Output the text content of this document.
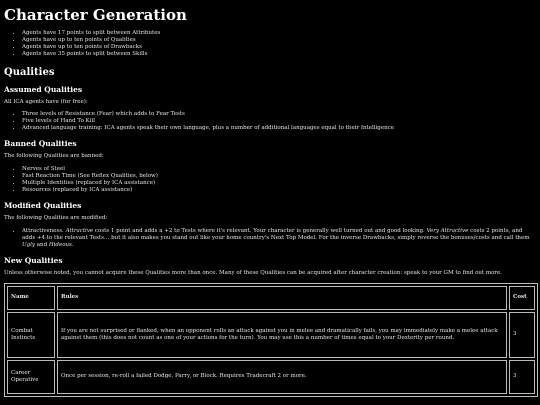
Character Generation
• Agents have 17 points to split between Attributes
• Agents have up to ten points of Qualities
• Agents have up to ten points of Drawbacks
• Agents have 35 points to split between Skills
Qualities
Assumed Qualities

All ICA agents have (for free):

• Three levels of Resistance (Fear) which adds to Fear Tests
• Five levels of Hand To Kill
• Advanced language training: ICA agents speak their own language, plus a number of additional languages equal to their Intelligence
Banned Qualities

The following Qualities are banned:

• Nerves of Steel
• Fast Reaction Time (See Reflex Qualities, below)
• Multiple Identities (replaced by ICA assistance)
• Resources (replaced by ICA assistance)
Modified Qualities

The following Qualities are modified:

• Attractiveness. Attractive costs 1 point and adds a +2 to Tests where it's relevant. Your character is generally well turned out and good looking. Very Attractive costs 2 points, and adds +4 to the relevant Tests… but it also makes you stand out like your home country's Next Top Model. For the inverse Drawbacks, simply reverse the bonuses/costs and call them Ugly and Hideous.
New Qualities

Unless otherwise noted, you cannot acquire these Qualities more than once. Many of these Qualities can be acquired after character creation: speak to your GM to find out more.

Name	Rules	Cost
Combat Instincts	If you are not surprised or flanked, when an opponent rolls an attack against you in melee and dramatically fails, you may immediately make a melee attack against them (this does not count as one of your actions for the turn). You may use this a number of times equal to your Dexterity per round.	3
Career Operative	Once per session, re-roll a failed Dodge, Parry, or Block. Requires Tradecraft 2 or more.	3
